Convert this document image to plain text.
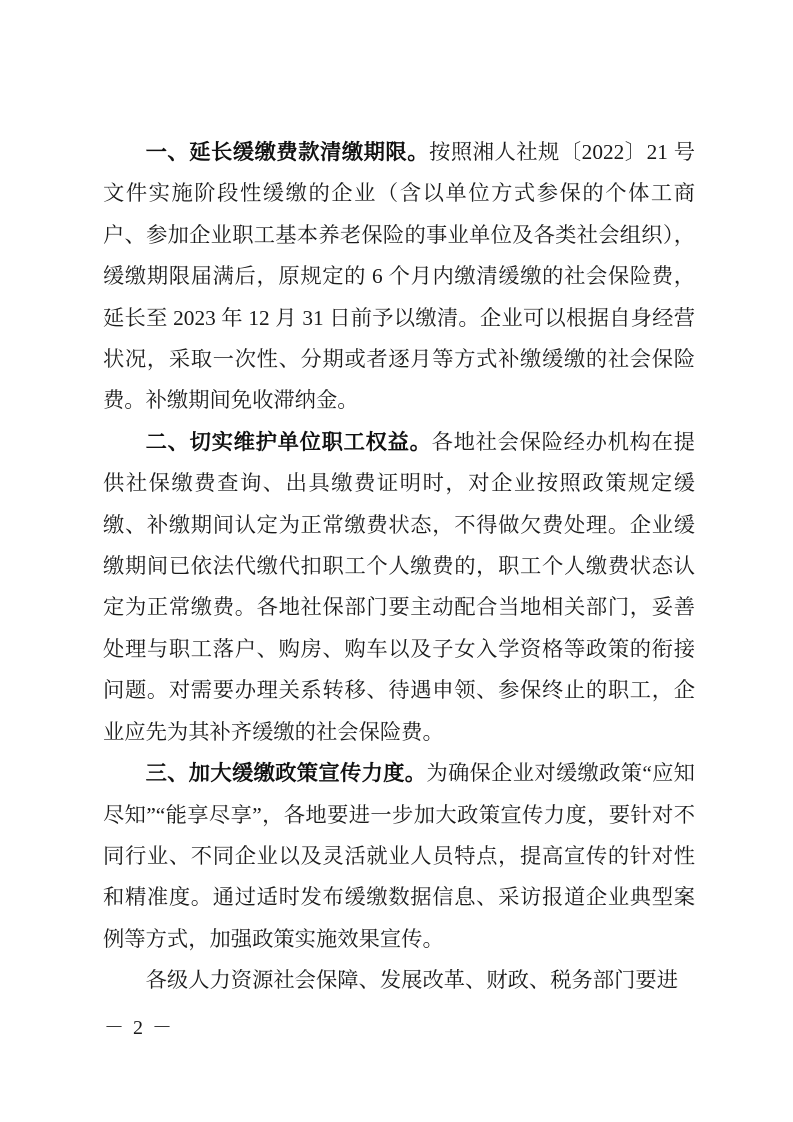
一、延长缓缴费款清缴期限。按照湘人社规〔2022〕21 号文件实施阶段性缓缴的企业（含以单位方式参保的个体工商户、参加企业职工基本养老保险的事业单位及各类社会组织），缓缴期限届满后，原规定的 6 个月内缴清缓缴的社会保险费，延长至 2023 年 12 月 31 日前予以缴清。企业可以根据自身经营状况，采取一次性、分期或者逐月等方式补缴缓缴的社会保险费。补缴期间免收滞纳金。

二、切实维护单位职工权益。各地社会保险经办机构在提供社保缴费查询、出具缴费证明时，对企业按照政策规定缓缴、补缴期间认定为正常缴费状态，不得做欠费处理。企业缓缴期间已依法代缴代扣职工个人缴费的，职工个人缴费状态认定为正常缴费。各地社保部门要主动配合当地相关部门，妥善处理与职工落户、购房、购车以及子女入学资格等政策的衔接问题。对需要办理关系转移、待遇申领、参保终止的职工，企业应先为其补齐缓缴的社会保险费。

三、加大缓缴政策宣传力度。为确保企业对缓缴政策“应知尽知”“能享尽享”，各地要进一步加大政策宣传力度，要针对不同行业、不同企业以及灵活就业人员特点，提高宣传的针对性和精准度。通过适时发布缓缴数据信息、采访报道企业典型案例等方式，加强政策实施效果宣传。

各级人力资源社会保障、发展改革、财政、税务部门要进

－ 2 －
